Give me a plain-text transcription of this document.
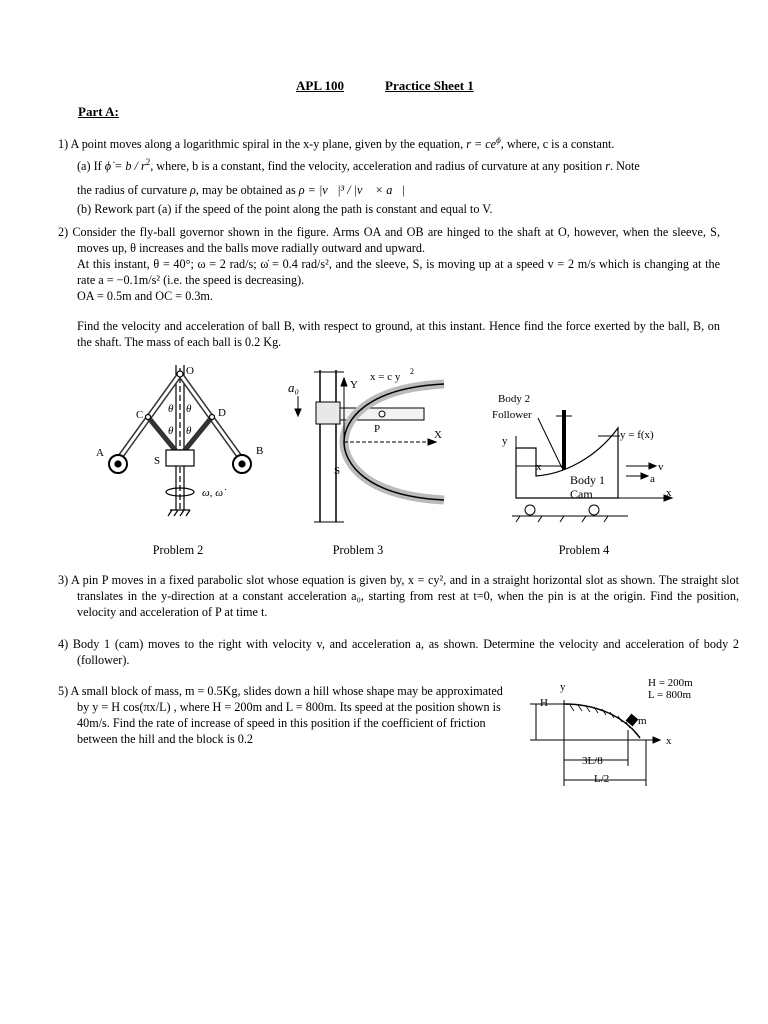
APL 100	Practice Sheet 1
Part A:
1) A point moves along a logarithmic spiral in the x-y plane, given by the equation, $r = ce^\phi$, where, c is a constant.
(a) If ϕ̇ = b / $r^2$, where, b is a constant, find the velocity, acceleration and radius of curvature at any position r. Note
the radius of curvature ρ, may be obtained as ρ = |v⃗|³ / |v⃗ × a⃗|
(b) Rework part (a) if the speed of the point along the path is constant and equal to V.
2) Consider the fly-ball governor shown in the figure. Arms OA and OB are hinged to the shaft at O, however, when the sleeve, S, moves up, θ increases and the balls move radially outward and upward.
At this instant, θ = 40°; ω = 2 rad/s; ω̇ = 0.4 rad/s², and the sleeve, S, is moving up at a speed v = 2 m/s which is changing at the rate a = −0.1m/s² (i.e. the speed is decreasing).
OA = 0.5m and OC = 0.3m.
Find the velocity and acceleration of ball B, with respect to ground, at this instant. Hence find the force exerted by the ball, B, on the shaft. The mass of each ball is 0.2 Kg.
O
C	D
A	B
S
θ θ
θ θ
ω, ω̇
Problem 2
a₀	Y
x = c y 2
P	X
S
Problem 3
Body 2
Follower
y	y = f(x)
x	v
a
Body 1
Cam	x
Problem 4
3) A pin P moves in a fixed parabolic slot whose equation is given by, x = cy², and in a straight horizontal slot as shown. The straight slot translates in the y-direction at a constant acceleration a₀, starting from rest at t=0, when the pin is at the origin. Find the position, velocity and acceleration of P at time t.
4) Body 1 (cam) moves to the right with velocity v, and acceleration a, as shown. Determine the velocity and acceleration of body 2 (follower).
5) A small block of mass, m = 0.5Kg, slides down a hill whose shape may be approximated by y = H cos(πx/L) , where H = 200m and L = 800m. Its speed at the position shown is 40m/s. Find the rate of increase of speed in this position if the coefficient of friction between the hill and the block is 0.2
H = 200m
L = 800m
y
H
m
x
3L/8
L/2
